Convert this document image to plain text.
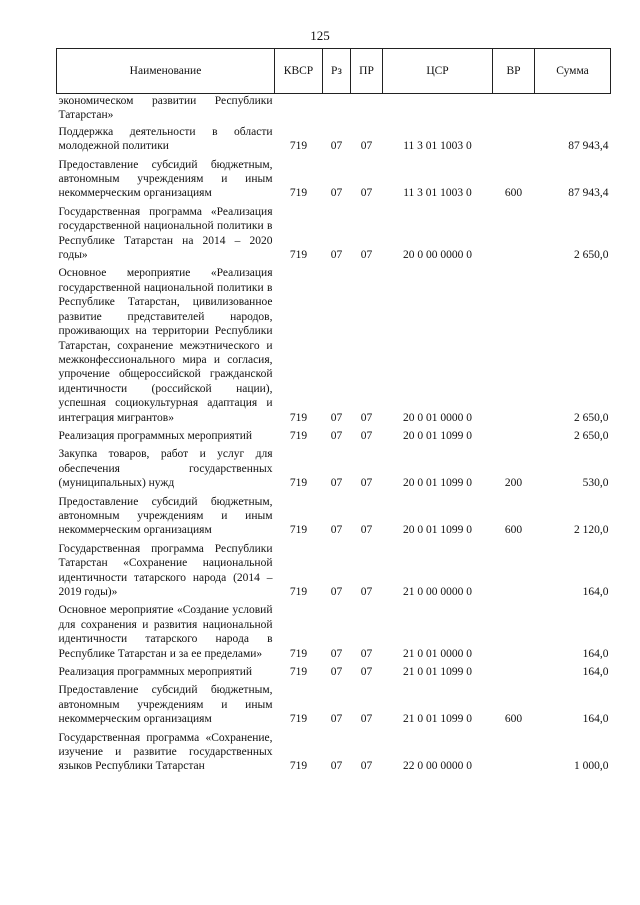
125
Наименование	КВСР	Рз	ПР	ЦСР	ВР	Сумма
экономическом развитии Республики Татарстан»						
Поддержка деятельности в области молодежной политики	719	07	07	11 3 01 1003 0		87 943,4
Предоставление субсидий бюджетным, автономным учреждениям и иным некоммерческим организациям	719	07	07	11 3 01 1003 0	600	87 943,4
Государственная программа «Реализация государственной национальной политики в Республике Татарстан на 2014 – 2020 годы»	719	07	07	20 0 00 0000 0		2 650,0
Основное мероприятие «Реализация государственной национальной политики в Республике Татарстан, цивилизованное развитие представителей народов, проживающих на территории Республики Татарстан, сохранение межэтнического и межконфессионального мира и согласия, упрочение общероссийской гражданской идентичности (российской нации), успешная социокультурная адаптация и интеграция мигрантов»	719	07	07	20 0 01 0000 0		2 650,0
Реализация программных мероприятий	719	07	07	20 0 01 1099 0		2 650,0
Закупка товаров, работ и услуг для обеспечения государственных (муниципальных) нужд	719	07	07	20 0 01 1099 0	200	530,0
Предоставление субсидий бюджетным, автономным учреждениям и иным некоммерческим организациям	719	07	07	20 0 01 1099 0	600	2 120,0
Государственная программа Республики Татарстан «Сохранение национальной идентичности татарского народа (2014 – 2019 годы)»	719	07	07	21 0 00 0000 0		164,0
Основное мероприятие «Создание условий для сохранения и развития национальной идентичности татарского народа в Республике Татарстан и за ее пределами»	719	07	07	21 0 01 0000 0		164,0
Реализация программных мероприятий	719	07	07	21 0 01 1099 0		164,0
Предоставление субсидий бюджетным, автономным учреждениям и иным некоммерческим организациям	719	07	07	21 0 01 1099 0	600	164,0
Государственная программа «Сохранение, изучение и развитие государственных языков Республики Татарстан	719	07	07	22 0 00 0000 0		1 000,0
